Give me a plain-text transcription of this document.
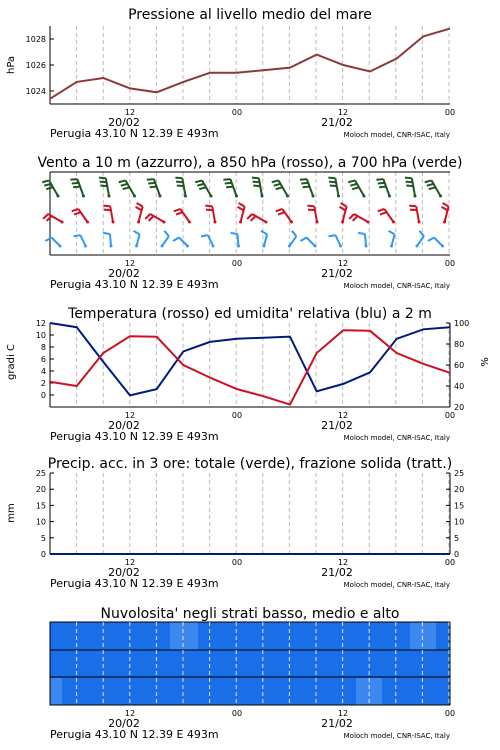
Pressione al livello medio del mare
hPa
12	00	12	00
20/02	21/02
Perugia 43.10 N 12.39 E 493m	Moloch model, CNR-ISAC, Italy
1024
1026
1028
Vento a 10 m (azzurro), a 850 hPa (rosso), a 700 hPa (verde)
12	00	12	00
20/02	21/02
Perugia 43.10 N 12.39 E 493m	Moloch model, CNR-ISAC, Italy
Temperatura (rosso) ed umidita' relativa (blu) a 2 m
gradi C	%
12	00	12	00
20/02	21/02
Perugia 43.10 N 12.39 E 493m	Moloch model, CNR-ISAC, Italy
12
10
8
6
4
2
0
100
80
60
40
20
Precip. acc. in 3 ore: totale (verde), frazione solida (tratt.)
mm
12	00	12	00
20/02	21/02
Perugia 43.10 N 12.39 E 493m	Moloch model, CNR-ISAC, Italy
25	25
20	20
15	15
10	10
5	5
0	0
Nuvolosita' negli strati basso, medio e alto
12	00	12	00
20/02	21/02
Perugia 43.10 N 12.39 E 493m	Moloch model, CNR-ISAC, Italy
